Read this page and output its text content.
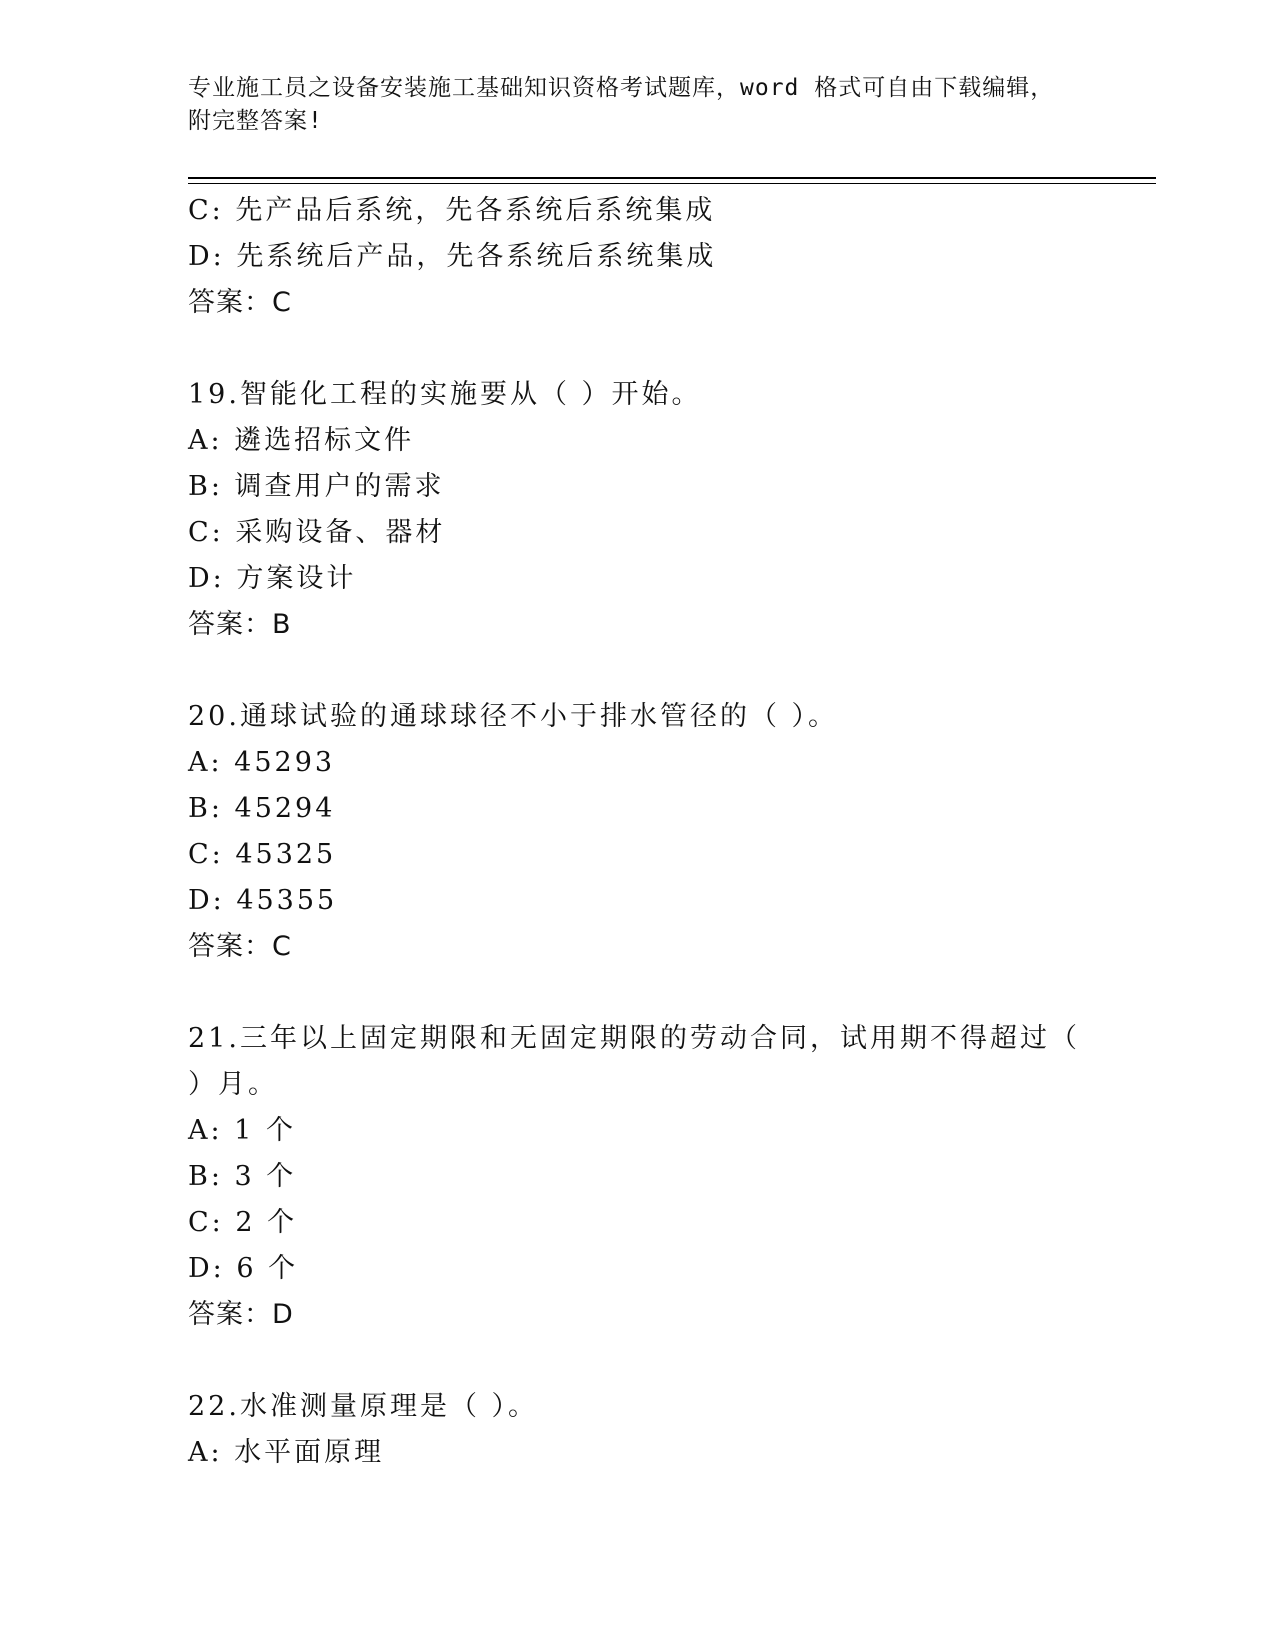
专业施工员之设备安装施工基础知识资格考试题库，word 格式可自由下载编辑，
附完整答案!
C: 先产品后系统，先各系统后系统集成
D: 先系统后产品，先各系统后系统集成
答案：C
19.智能化工程的实施要从（ ）开始。
A: 遴选招标文件
B: 调查用户的需求
C: 采购设备、器材
D: 方案设计
答案：B
20.通球试验的通球球径不小于排水管径的（ ）。
A: 45293
B: 45294
C: 45325
D: 45355
答案：C
21.三年以上固定期限和无固定期限的劳动合同，试用期不得超过（
）月。
A: 1 个
B: 3 个
C: 2 个
D: 6 个
答案：D
22.水准测量原理是（ ）。
A: 水平面原理
